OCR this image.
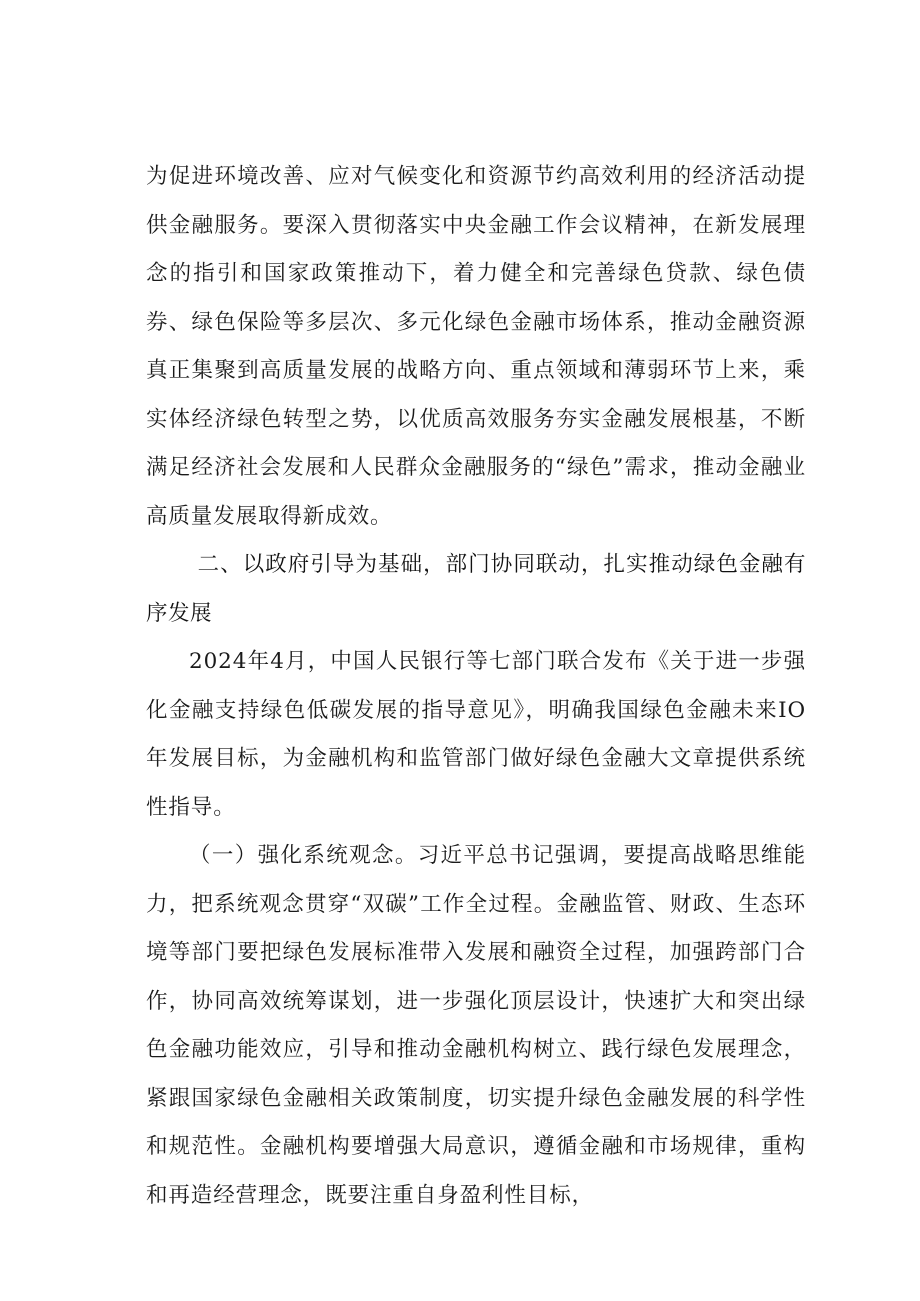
为促进环境改善、应对气候变化和资源节约高效利用的经济活动提供金融服务。要深入贯彻落实中央金融工作会议精神，在新发展理念的指引和国家政策推动下，着力健全和完善绿色贷款、绿色债券、绿色保险等多层次、多元化绿色金融市场体系，推动金融资源真正集聚到高质量发展的战略方向、重点领域和薄弱环节上来，乘实体经济绿色转型之势，以优质高效服务夯实金融发展根基，不断满足经济社会发展和人民群众金融服务的“绿色”需求，推动金融业高质量发展取得新成效。

二、以政府引导为基础，部门协同联动，扎实推动绿色金融有序发展

2024年4月，中国人民银行等七部门联合发布《关于进一步强化金融支持绿色低碳发展的指导意见》，明确我国绿色金融未来IO年发展目标，为金融机构和监管部门做好绿色金融大文章提供系统性指导。

（一）强化系统观念。习近平总书记强调，要提高战略思维能力，把系统观念贯穿“双碳”工作全过程。金融监管、财政、生态环境等部门要把绿色发展标准带入发展和融资全过程，加强跨部门合作，协同高效统筹谋划，进一步强化顶层设计，快速扩大和突出绿色金融功能效应，引导和推动金融机构树立、践行绿色发展理念，紧跟国家绿色金融相关政策制度，切实提升绿色金融发展的科学性和规范性。金融机构要增强大局意识，遵循金融和市场规律，重构和再造经营理念，既要注重自身盈利性目标，
